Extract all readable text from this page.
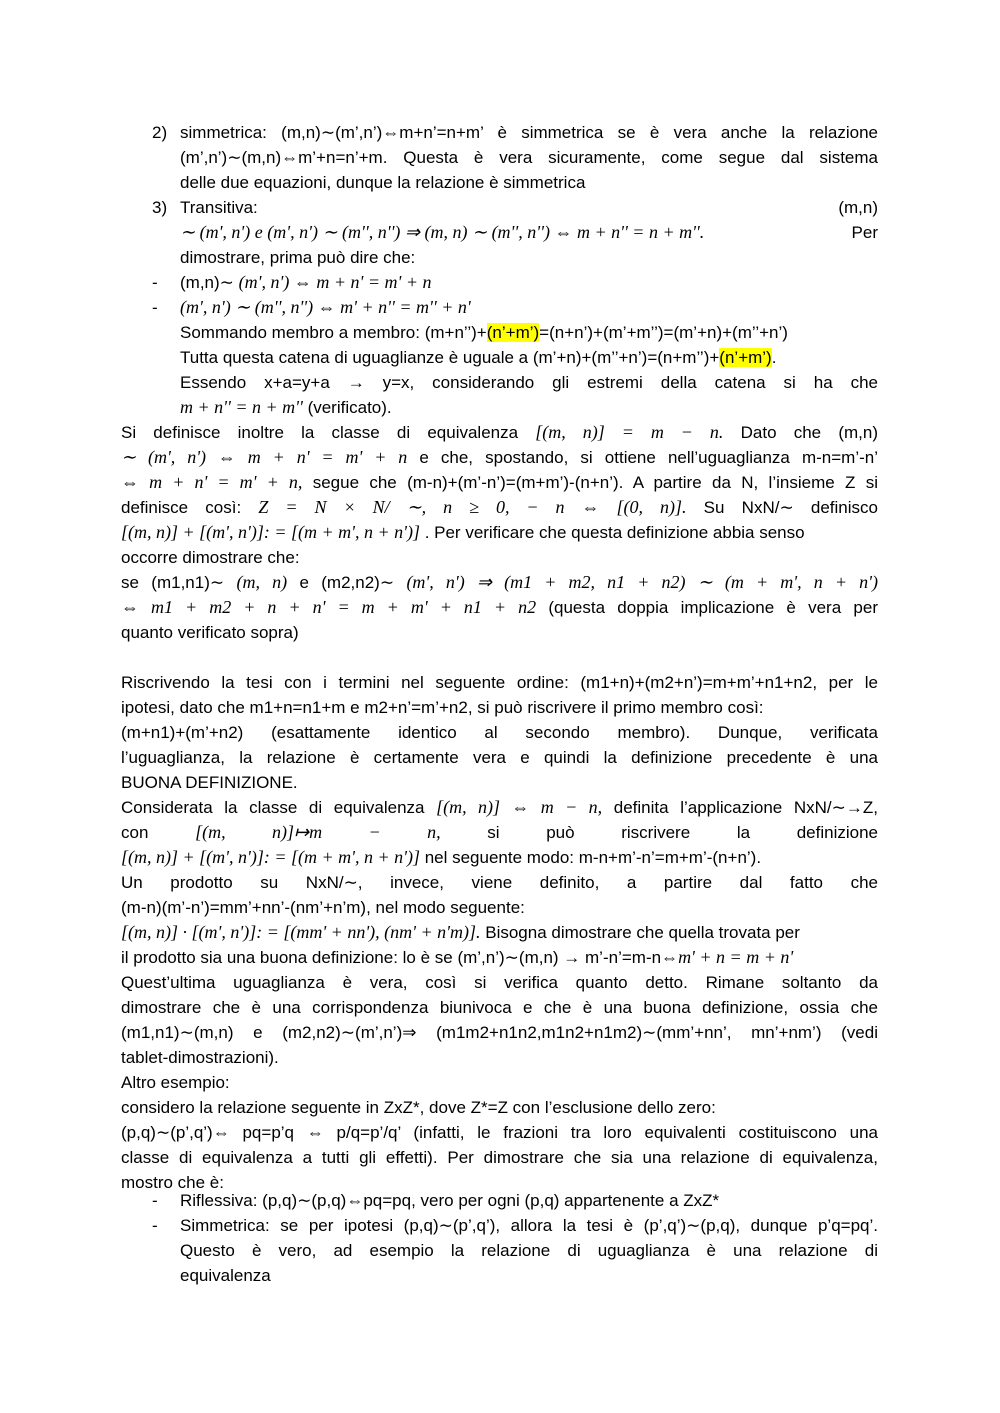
2)
3)
-
-
-
-
simmetrica: (m,n)∼(m’,n’)⇔m+n’=n+m’ è simmetrica se è vera anche la relazione
(m’,n’)∼(m,n)⇔m’+n=n’+m. Questa è vera sicuramente, come segue dal sistema
delle due equazioni, dunque la relazione è simmetrica
Transitiva:	(m,n)
∼ (m', n') e (m', n') ∼ (m'', n'') ⇒ (m, n) ∼ (m'', n'') ⇔ m + n'' = n + m''.	Per
dimostrare, prima può dire che:
(m,n)∼ (m', n') ⇔ m + n' = m' + n
(m', n') ∼ (m'', n'') ⇔ m' + n'' = m'' + n'
Sommando membro a membro: (m+n’’)+(n’+m’)=(n+n’)+(m’+m’’)=(m’+n)+(m’’+n’)
Tutta questa catena di uguaglianze è uguale a (m’+n)+(m’’+n’)=(n+m’’)+(n’+m’).
Essendo x+a=y+a → y=x, considerando gli estremi della catena si ha che
m + n'' = n + m'' (verificato).
Si definisce inoltre la classe di equivalenza [(m, n)] = m − n. Dato che (m,n)
∼ (m', n') ⇔ m + n' = m' + n e che, spostando, si ottiene nell’uguaglianza m-n=m’-n’
⇔ m + n' = m' + n, segue che (m-n)+(m’-n’)=(m+m’)-(n+n’). A partire da N, l’insieme Z si
definisce così: Z = N × N/ ∼, n ≥ 0, − n ⇔ [(0, n)]. Su NxN/∼ definisco
[(m, n)] + [(m', n')]: = [(m + m', n + n')] . Per verificare che questa definizione abbia senso
occorre dimostrare che:
se (m1,n1)∼ (m, n) e (m2,n2)∼ (m', n') ⇒ (m1 + m2, n1 + n2) ∼ (m + m', n + n')
⇔ m1 + m2 + n + n' = m + m' + n1 + n2 (questa doppia implicazione è vera per
quanto verificato sopra)
Riscrivendo la tesi con i termini nel seguente ordine: (m1+n)+(m2+n’)=m+m’+n1+n2, per le
ipotesi, dato che m1+n=n1+m e m2+n’=m’+n2, si può riscrivere il primo membro così:
(m+n1)+(m’+n2) (esattamente identico al secondo membro). Dunque, verificata
l’uguaglianza, la relazione è certamente vera e quindi la definizione precedente è una
BUONA DEFINIZIONE.
Considerata la classe di equivalenza [(m, n)] ⇔ m − n, definita l’applicazione NxN/∼→Z,
con [(m, n)]↦m − n, si può riscrivere la definizione
[(m, n)] + [(m', n')]: = [(m + m', n + n')] nel seguente modo: m-n+m’-n’=m+m’-(n+n’).
Un prodotto su NxN/∼, invece, viene definito, a partire dal fatto che
(m-n)(m’-n’)=mm’+nn’-(nm’+n’m), nel modo seguente:
[(m, n)] · [(m', n')]: = [(mm' + nn'), (nm' + n'm)]. Bisogna dimostrare che quella trovata per
il prodotto sia una buona definizione: lo è se (m’,n’)∼(m,n) → m’-n’=m-n⇔m' + n = m + n'
Quest’ultima uguaglianza è vera, così si verifica quanto detto. Rimane soltanto da
dimostrare che è una corrispondenza biunivoca e che è una buona definizione, ossia che
(m1,n1)∼(m,n) e (m2,n2)∼(m’,n’)⇒ (m1m2+n1n2,m1n2+n1m2)∼(mm’+nn’, mn’+nm’) (vedi
tablet-dimostrazioni).
Altro esempio:
considero la relazione seguente in ZxZ*, dove Z*=Z con l’esclusione dello zero:
(p,q)∼(p’,q’)⇔ pq=p’q ⇔ p/q=p’/q’ (infatti, le frazioni tra loro equivalenti costituiscono una
classe di equivalenza a tutti gli effetti). Per dimostrare che sia una relazione di equivalenza,
mostro che è:
Riflessiva: (p,q)∼(p,q)⇔pq=pq, vero per ogni (p,q) appartenente a ZxZ*
Simmetrica: se per ipotesi (p,q)∼(p’,q’), allora la tesi è (p’,q’)∼(p,q), dunque p’q=pq’.
Questo è vero, ad esempio la relazione di uguaglianza è una relazione di
equivalenza
